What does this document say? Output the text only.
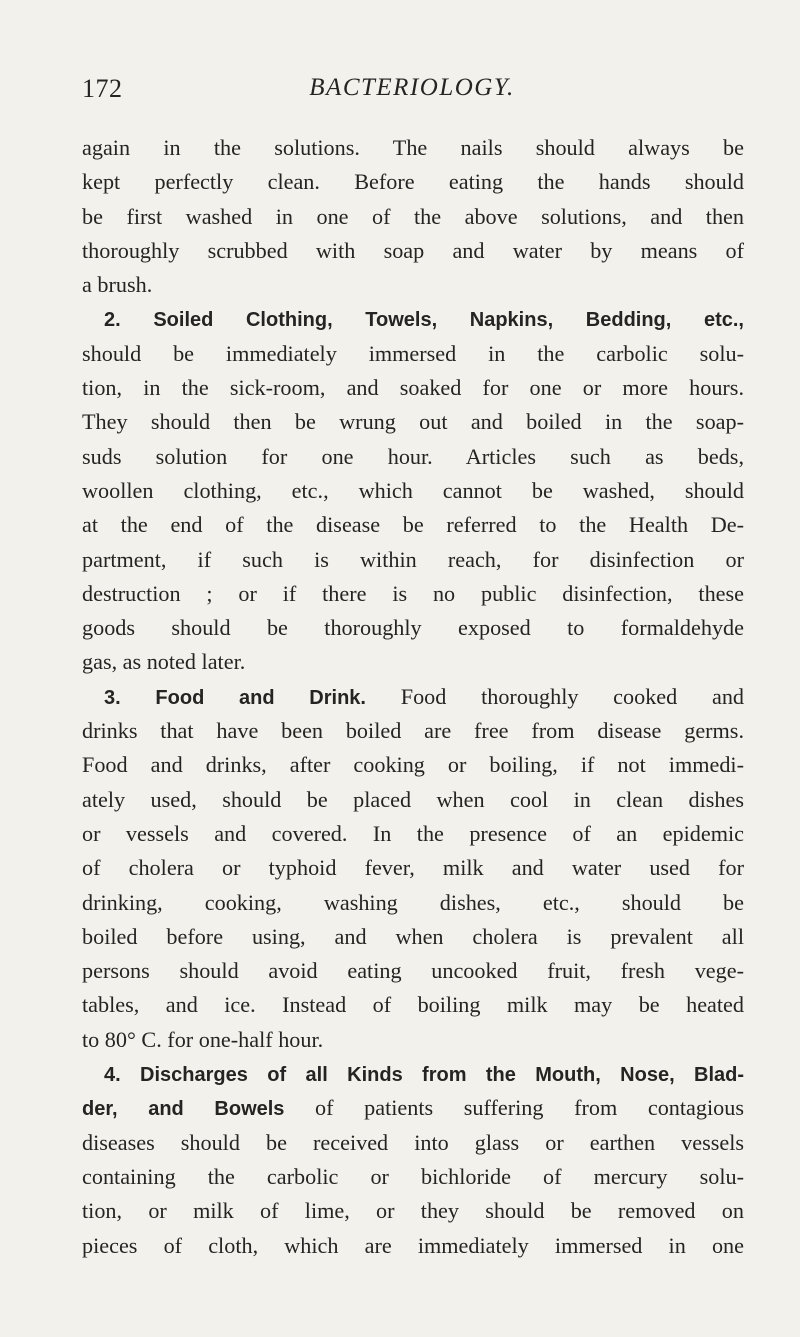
172	BACTERIOLOGY.
again in the solutions. The nails should always be
kept perfectly clean. Before eating the hands should
be first washed in one of the above solutions, and then
thoroughly scrubbed with soap and water by means of
a brush.
2. Soiled Clothing, Towels, Napkins, Bedding, etc.,
should be immediately immersed in the carbolic solu-
tion, in the sick-room, and soaked for one or more hours.
They should then be wrung out and boiled in the soap-
suds solution for one hour. Articles such as beds,
woollen clothing, etc., which cannot be washed, should
at the end of the disease be referred to the Health De-
partment, if such is within reach, for disinfection or
destruction ; or if there is no public disinfection, these
goods should be thoroughly exposed to formaldehyde
gas, as noted later.
3. Food and Drink. Food thoroughly cooked and
drinks that have been boiled are free from disease germs.
Food and drinks, after cooking or boiling, if not immedi-
ately used, should be placed when cool in clean dishes
or vessels and covered. In the presence of an epidemic
of cholera or typhoid fever, milk and water used for
drinking, cooking, washing dishes, etc., should be
boiled before using, and when cholera is prevalent all
persons should avoid eating uncooked fruit, fresh vege-
tables, and ice. Instead of boiling milk may be heated
to 80° C. for one-half hour.
4. Discharges of all Kinds from the Mouth, Nose, Blad-
der, and Bowels of patients suffering from contagious
diseases should be received into glass or earthen vessels
containing the carbolic or bichloride of mercury solu-
tion, or milk of lime, or they should be removed on
pieces of cloth, which are immediately immersed in one
